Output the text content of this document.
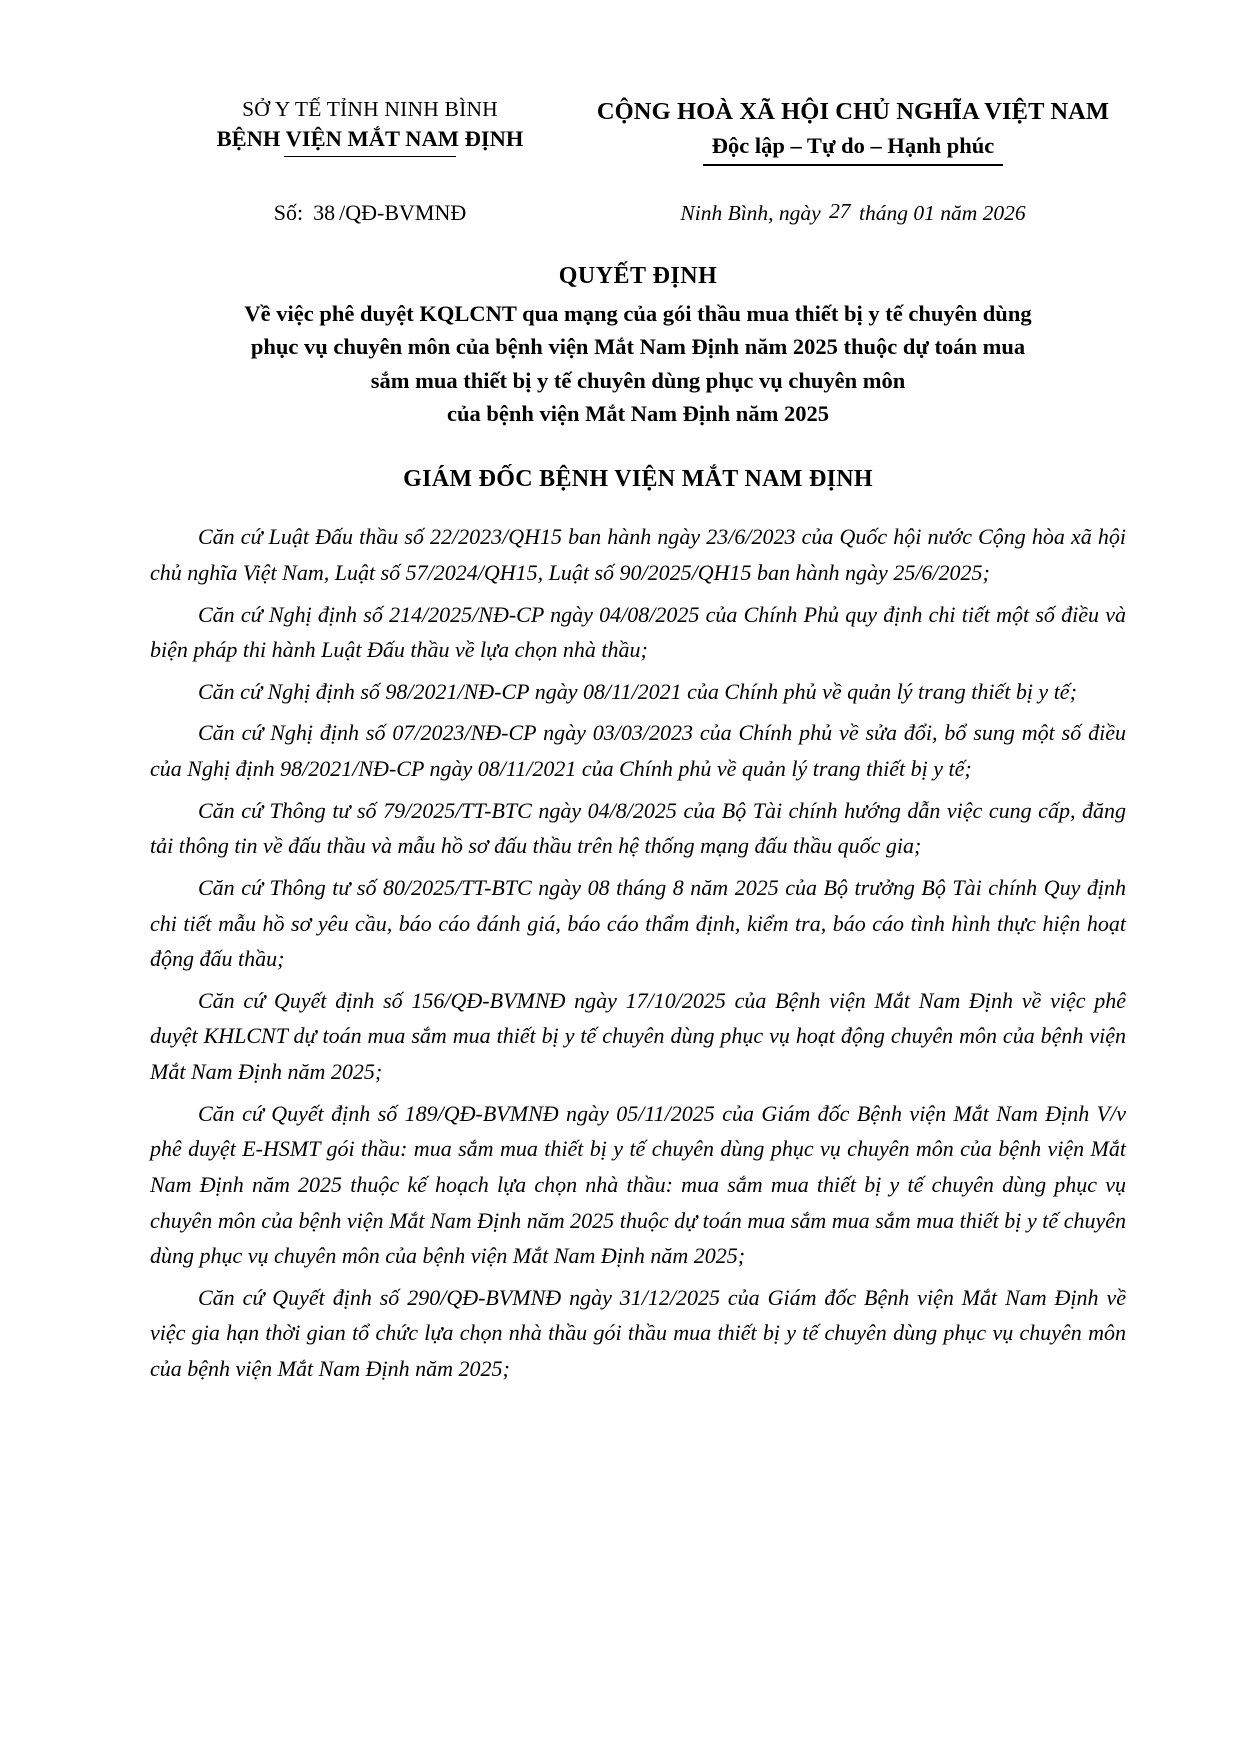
SỞ Y TẾ TỈNH NINH BÌNH
BỆNH VIỆN MẮT NAM ĐỊNH
CỘNG HOÀ XÃ HỘI CHỦ NGHĨA VIỆT NAM
Độc lập – Tự do – Hạnh phúc
Số: 38 /QĐ-BVMNĐ	Ninh Bình, ngày 27 tháng 01 năm 2026
QUYẾT ĐỊNH
Về việc phê duyệt KQLCNT qua mạng của gói thầu mua thiết bị y tế chuyên dùng
phục vụ chuyên môn của bệnh viện Mắt Nam Định năm 2025 thuộc dự toán mua
sắm mua thiết bị y tế chuyên dùng phục vụ chuyên môn
của bệnh viện Mắt Nam Định năm 2025
GIÁM ĐỐC BỆNH VIỆN MẮT NAM ĐỊNH

Căn cứ Luật Đấu thầu số 22/2023/QH15 ban hành ngày 23/6/2023 của Quốc hội nước Cộng hòa xã hội chủ nghĩa Việt Nam, Luật số 57/2024/QH15, Luật số 90/2025/QH15 ban hành ngày 25/6/2025;

Căn cứ Nghị định số 214/2025/NĐ-CP ngày 04/08/2025 của Chính Phủ quy định chi tiết một số điều và biện pháp thi hành Luật Đấu thầu về lựa chọn nhà thầu;

Căn cứ Nghị định số 98/2021/NĐ-CP ngày 08/11/2021 của Chính phủ về quản lý trang thiết bị y tế;

Căn cứ Nghị định số 07/2023/NĐ-CP ngày 03/03/2023 của Chính phủ về sửa đổi, bổ sung một số điều của Nghị định 98/2021/NĐ-CP ngày 08/11/2021 của Chính phủ về quản lý trang thiết bị y tế;

Căn cứ Thông tư số 79/2025/TT-BTC ngày 04/8/2025 của Bộ Tài chính hướng dẫn việc cung cấp, đăng tải thông tin về đấu thầu và mẫu hồ sơ đấu thầu trên hệ thống mạng đấu thầu quốc gia;

Căn cứ Thông tư số 80/2025/TT-BTC ngày 08 tháng 8 năm 2025 của Bộ trưởng Bộ Tài chính Quy định chi tiết mẫu hồ sơ yêu cầu, báo cáo đánh giá, báo cáo thẩm định, kiểm tra, báo cáo tình hình thực hiện hoạt động đấu thầu;

Căn cứ Quyết định số 156/QĐ-BVMNĐ ngày 17/10/2025 của Bệnh viện Mắt Nam Định về việc phê duyệt KHLCNT dự toán mua sắm mua thiết bị y tế chuyên dùng phục vụ hoạt động chuyên môn của bệnh viện Mắt Nam Định năm 2025;

Căn cứ Quyết định số 189/QĐ-BVMNĐ ngày 05/11/2025 của Giám đốc Bệnh viện Mắt Nam Định V/v phê duyệt E-HSMT gói thầu: mua sắm mua thiết bị y tế chuyên dùng phục vụ chuyên môn của bệnh viện Mắt Nam Định năm 2025 thuộc kế hoạch lựa chọn nhà thầu: mua sắm mua thiết bị y tế chuyên dùng phục vụ chuyên môn của bệnh viện Mắt Nam Định năm 2025 thuộc dự toán mua sắm mua sắm mua thiết bị y tế chuyên dùng phục vụ chuyên môn của bệnh viện Mắt Nam Định năm 2025;

Căn cứ Quyết định số 290/QĐ-BVMNĐ ngày 31/12/2025 của Giám đốc Bệnh viện Mắt Nam Định về việc gia hạn thời gian tổ chức lựa chọn nhà thầu gói thầu mua thiết bị y tế chuyên dùng phục vụ chuyên môn của bệnh viện Mắt Nam Định năm 2025;
